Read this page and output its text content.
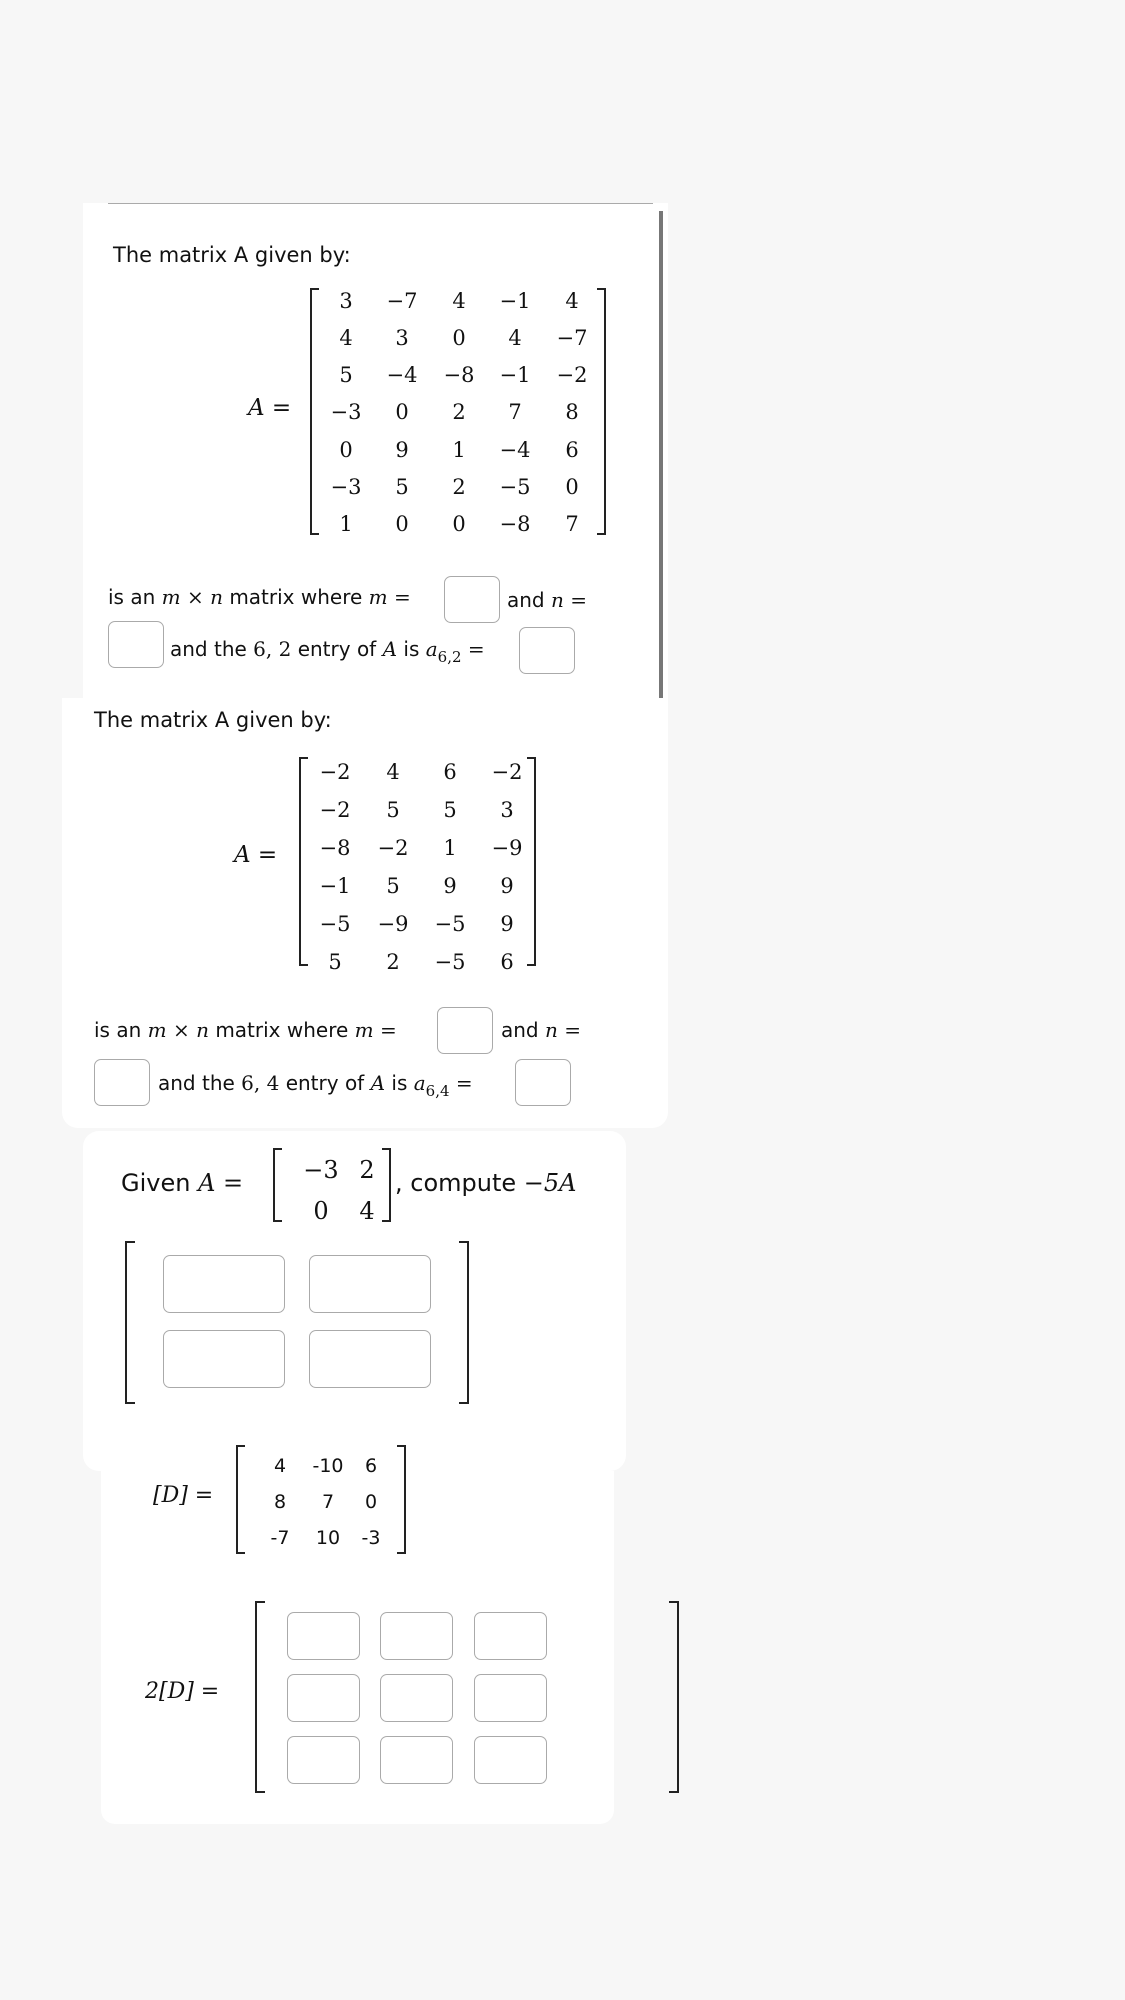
The matrix A given by:
A =
3	−7	4	−1	4
4	3	0	4	−7
5	−4	−8	−1	−2
−3	0	2	7	8
0	9	1	−4	6
−3	5	2	−5	0
1	0	0	−8	7
is an m × n matrix where m =	and n =
and the 6, 2 entry of A is $a_{6,2}$ =
The matrix A given by:
A =
−2	4	6	−2
−2	5	5	3
−8	−2	1	−9
−1	5	9	9
−5	−9	−5	9
5	2	−5	6
is an m × n matrix where m =	and n =
and the 6, 4 entry of A is $a_{6,4}$ =
Given A =	−3 2
0	4
, compute −5A
[D] =
4	-10	6
8	7	0
-7	10	-3
2[D] =
